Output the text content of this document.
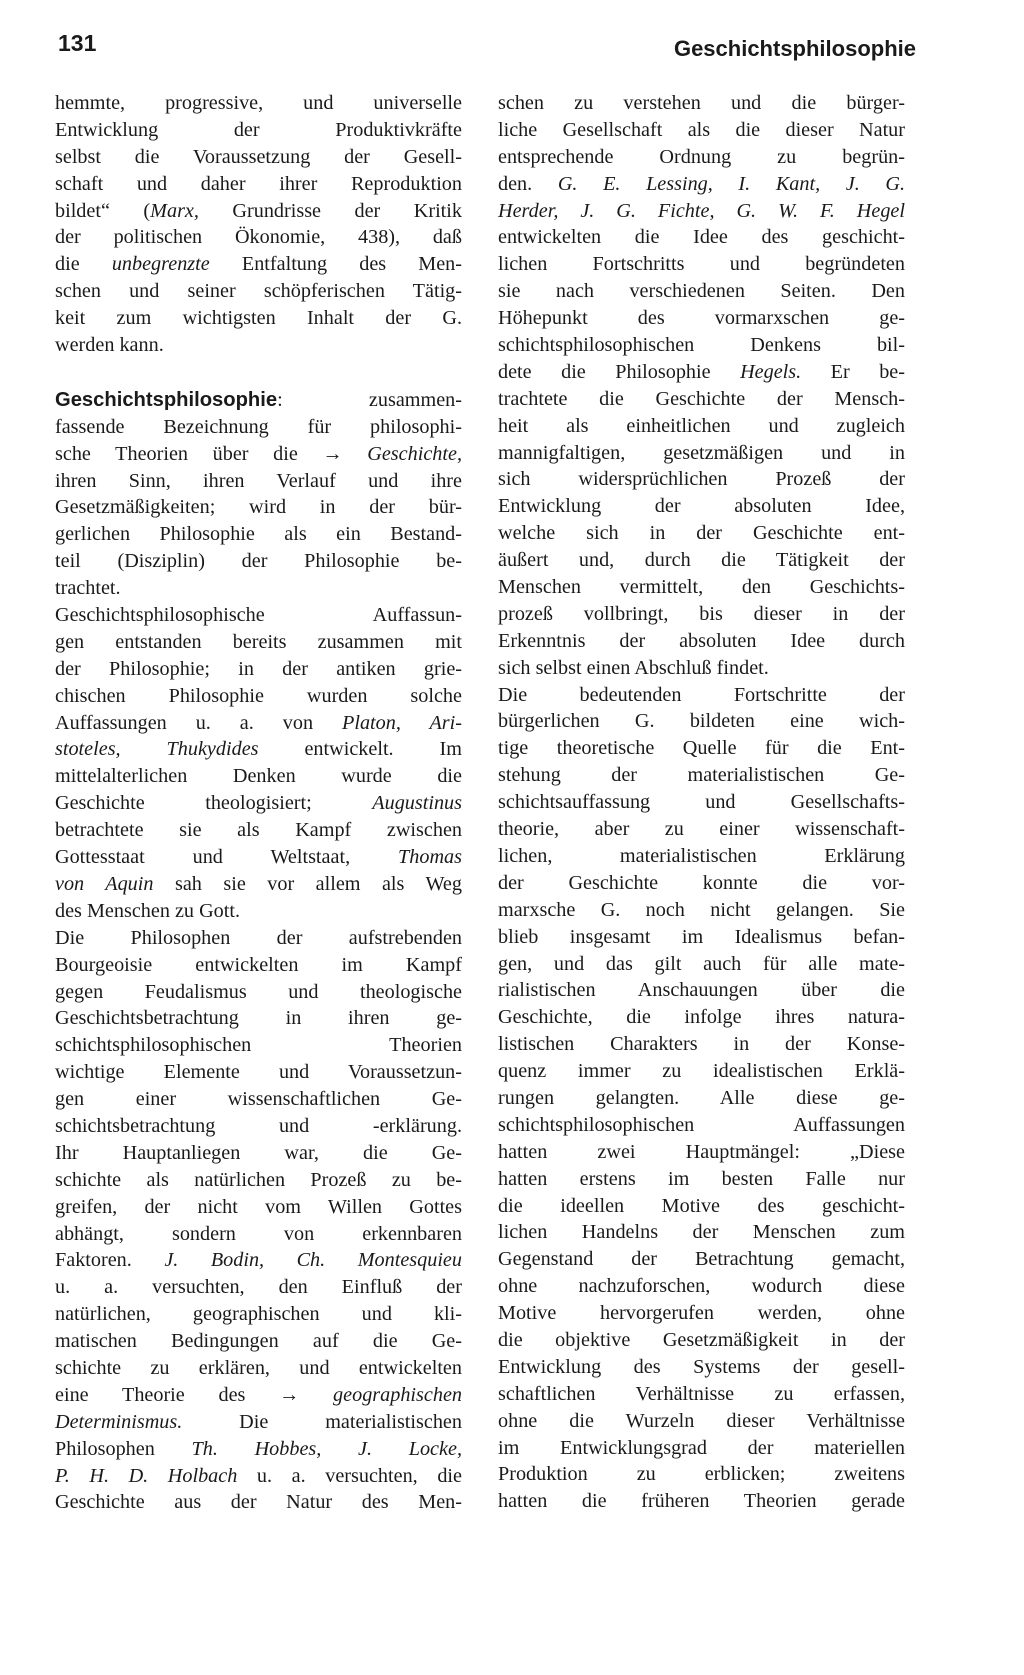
131	Geschichtsphilosophie
hemmte, progressive, und universelle
Entwicklung der Produktivkräfte
selbst die Voraussetzung der Gesell-
schaft und daher ihrer Reproduktion
bildet“ (Marx, Grundrisse der Kritik
der politischen Ökonomie, 438), daß
die unbegrenzte Entfaltung des Men-
schen und seiner schöpferischen Tätig-
keit zum wichtigsten Inhalt der G.
werden kann.
Geschichtsphilosophie: zusammen-
fassende Bezeichnung für philosophi-
sche Theorien über die → Geschichte,
ihren Sinn, ihren Verlauf und ihre
Gesetzmäßigkeiten; wird in der bür-
gerlichen Philosophie als ein Bestand-
teil (Disziplin) der Philosophie be-
trachtet.
Geschichtsphilosophische Auffassun-
gen entstanden bereits zusammen mit
der Philosophie; in der antiken grie-
chischen Philosophie wurden solche
Auffassungen u. a. von Platon, Ari-
stoteles, Thukydides entwickelt. Im
mittelalterlichen Denken wurde die
Geschichte theologisiert; Augustinus
betrachtete sie als Kampf zwischen
Gottesstaat und Weltstaat, Thomas
von Aquin sah sie vor allem als Weg
des Menschen zu Gott.
Die Philosophen der aufstrebenden
Bourgeoisie entwickelten im Kampf
gegen Feudalismus und theologische
Geschichtsbetrachtung in ihren ge-
schichtsphilosophischen Theorien
wichtige Elemente und Voraussetzun-
gen einer wissenschaftlichen Ge-
schichtsbetrachtung und -erklärung.
Ihr Hauptanliegen war, die Ge-
schichte als natürlichen Prozeß zu be-
greifen, der nicht vom Willen Gottes
abhängt, sondern von erkennbaren
Faktoren. J. Bodin, Ch. Montesquieu
u. a. versuchten, den Einfluß der
natürlichen, geographischen und kli-
matischen Bedingungen auf die Ge-
schichte zu erklären, und entwickelten
eine Theorie des → geographischen
Determinismus. Die materialistischen
Philosophen Th. Hobbes, J. Locke,
P. H. D. Holbach u. a. versuchten, die
Geschichte aus der Natur des Men-
schen zu verstehen und die bürger-
liche Gesellschaft als die dieser Natur
entsprechende Ordnung zu begrün-
den. G. E. Lessing, I. Kant, J. G.
Herder, J. G. Fichte, G. W. F. Hegel
entwickelten die Idee des geschicht-
lichen Fortschritts und begründeten
sie nach verschiedenen Seiten. Den
Höhepunkt des vormarxschen ge-
schichtsphilosophischen Denkens bil-
dete die Philosophie Hegels. Er be-
trachtete die Geschichte der Mensch-
heit als einheitlichen und zugleich
mannigfaltigen, gesetzmäßigen und in
sich widersprüchlichen Prozeß der
Entwicklung der absoluten Idee,
welche sich in der Geschichte ent-
äußert und, durch die Tätigkeit der
Menschen vermittelt, den Geschichts-
prozeß vollbringt, bis dieser in der
Erkenntnis der absoluten Idee durch
sich selbst einen Abschluß findet.
Die bedeutenden Fortschritte der
bürgerlichen G. bildeten eine wich-
tige theoretische Quelle für die Ent-
stehung der materialistischen Ge-
schichtsauffassung und Gesellschafts-
theorie, aber zu einer wissenschaft-
lichen, materialistischen Erklärung
der Geschichte konnte die vor-
marxsche G. noch nicht gelangen. Sie
blieb insgesamt im Idealismus befan-
gen, und das gilt auch für alle mate-
rialistischen Anschauungen über die
Geschichte, die infolge ihres natura-
listischen Charakters in der Konse-
quenz immer zu idealistischen Erklä-
rungen gelangten. Alle diese ge-
schichtsphilosophischen Auffassungen
hatten zwei Hauptmängel: „Diese
hatten erstens im besten Falle nur
die ideellen Motive des geschicht-
lichen Handelns der Menschen zum
Gegenstand der Betrachtung gemacht,
ohne nachzuforschen, wodurch diese
Motive hervorgerufen werden, ohne
die objektive Gesetzmäßigkeit in der
Entwicklung des Systems der gesell-
schaftlichen Verhältnisse zu erfassen,
ohne die Wurzeln dieser Verhältnisse
im Entwicklungsgrad der materiellen
Produktion zu erblicken; zweitens
hatten die früheren Theorien gerade
